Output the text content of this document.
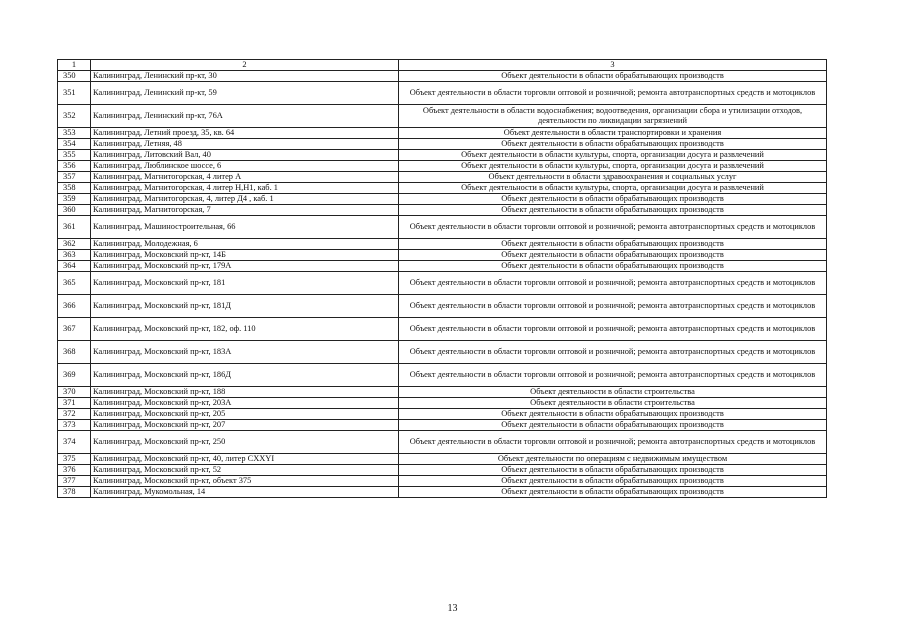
1	2	3
350	Калининград, Ленинский пр-кт, 30	Объект деятельности в области обрабатывающих производств
351	Калининград, Ленинский пр-кт, 59	Объект деятельности в области торговли оптовой и розничной; ремонта автотранспортных средств и мотоциклов
352	Калининград, Ленинский пр-кт, 76А	Объект деятельности в области водоснабжения; водоотведения, организации сбора и утилизации отходов, деятельности по ликвидации загрязнений
353	Калининград, Летний проезд, 35, кв. 64	Объект деятельности в области транспортировки и хранения
354	Калининград, Летняя, 48	Объект деятельности в области обрабатывающих производств
355	Калининград, Литовский Вал, 40	Объект деятельности в области культуры, спорта, организации досуга и развлечений
356	Калининград, Люблинское шоссе, 6	Объект деятельности в области культуры, спорта, организации досуга и развлечений
357	Калининград, Магнитогорская, 4 литер А	Объект деятельности в области здравоохранения и социальных услуг
358	Калининград, Магнитогорская, 4 литер Н,Н1, каб. 1	Объект деятельности в области культуры, спорта, организации досуга и развлечений
359	Калининград, Магнитогорская, 4, литер Д4 , каб. 1	Объект деятельности в области обрабатывающих производств
360	Калининград, Магнитогорская, 7	Объект деятельности в области обрабатывающих производств
361	Калининград, Машиностроительная, 66	Объект деятельности в области торговли оптовой и розничной; ремонта автотранспортных средств и мотоциклов
362	Калининград, Молодежная, 6	Объект деятельности в области обрабатывающих производств
363	Калининград, Московский пр-кт, 14Б	Объект деятельности в области обрабатывающих производств
364	Калининград, Московский пр-кт, 179А	Объект деятельности в области обрабатывающих производств
365	Калининград, Московский пр-кт, 181	Объект деятельности в области торговли оптовой и розничной; ремонта автотранспортных средств и мотоциклов
366	Калининград, Московский пр-кт, 181Д	Объект деятельности в области торговли оптовой и розничной; ремонта автотранспортных средств и мотоциклов
367	Калининград, Московский пр-кт, 182, оф. 110	Объект деятельности в области торговли оптовой и розничной; ремонта автотранспортных средств и мотоциклов
368	Калининград, Московский пр-кт, 183А	Объект деятельности в области торговли оптовой и розничной; ремонта автотранспортных средств и мотоциклов
369	Калининград, Московский пр-кт, 186Д	Объект деятельности в области торговли оптовой и розничной; ремонта автотранспортных средств и мотоциклов
370	Калининград, Московский пр-кт, 188	Объект деятельности в области строительства
371	Калининград, Московский пр-кт, 203А	Объект деятельности в области строительства
372	Калининград, Московский пр-кт, 205	Объект деятельности в области обрабатывающих производств
373	Калининград, Московский пр-кт, 207	Объект деятельности в области обрабатывающих производств
374	Калининград, Московский пр-кт, 250	Объект деятельности в области торговли оптовой и розничной; ремонта автотранспортных средств и мотоциклов
375	Калининград, Московский пр-кт, 40, литер CXXYI	Объект деятельности по операциям с недвижимым имуществом
376	Калининград, Московский пр-кт, 52	Объект деятельности в области обрабатывающих производств
377	Калининград, Московский пр-кт, объект 375	Объект деятельности в области обрабатывающих производств
378	Калининград, Мукомольная, 14	Объект деятельности в области обрабатывающих производств
13
